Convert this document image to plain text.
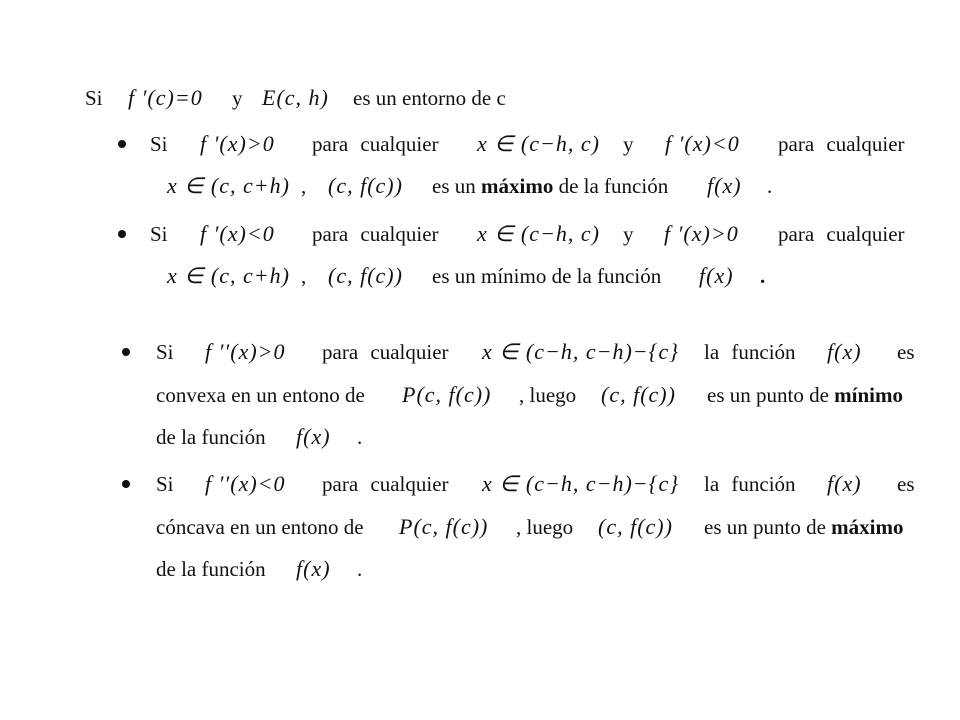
Si f ′(c)=0 y E(c, h) es un entorno de c
Si f ′(x)>0 para cualquier x ∈ (c−h, c) y f ′(x)<0 para cualquier
x ∈ (c, c+h) , (c, f(c)) es un máximo de la función f(x) .
Si f ′(x)<0 para cualquier x ∈ (c−h, c) y f ′(x)>0 para cualquier
x ∈ (c, c+h) , (c, f(c)) es un mínimo de la función f(x) .
Si f ′′(x)>0 para cualquier x ∈ (c−h, c−h)−{c} la función f(x) es
convexa en un entono de P(c, f(c)) , luego (c, f(c)) es un punto de mínimo
de la función f(x) .
Si f ′′(x)<0 para cualquier x ∈ (c−h, c−h)−{c} la función f(x) es
cóncava en un entono de P(c, f(c)) , luego (c, f(c)) es un punto de máximo
de la función f(x) .
